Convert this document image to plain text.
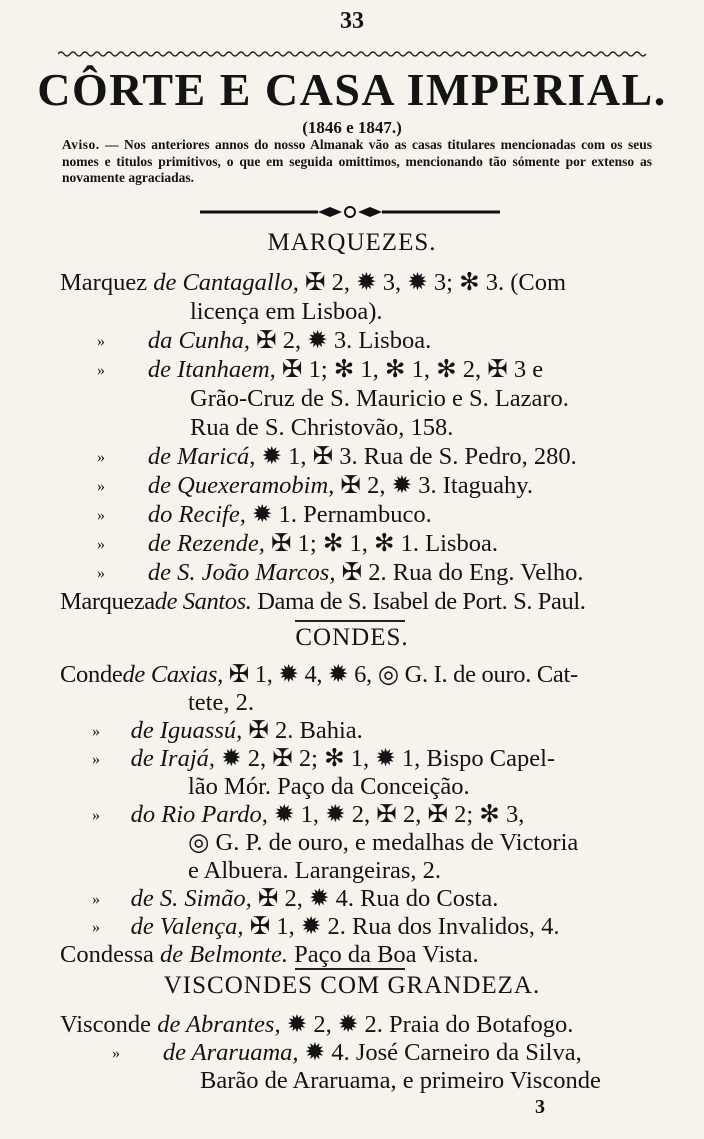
33
CÔRTE E CASA IMPERIAL.
(1846 e 1847.)
Aviso. — Nos anteriores annos do nosso Almanak vão as casas titulares mencionadas com os seus nomes e titulos primitivos, o que em seguida omittimos, mencionando tão sómente por extenso as novamente agraciadas.
MARQUEZES.
Marquez de Cantagallo, ✠ 2, ✹ 3, ✹ 3; ✻ 3. (Com
licença em Lisboa).
» da Cunha, ✠ 2, ✹ 3. Lisboa.
» de Itanhaem, ✠ 1; ✻ 1, ✻ 1, ✻ 2, ✠ 3 e
Grão-Cruz de S. Mauricio e S. Lazaro.
Rua de S. Christovão, 158.
» de Maricá, ✹ 1, ✠ 3. Rua de S. Pedro, 280.
» de Quexeramobim, ✠ 2, ✹ 3. Itaguahy.
» do Recife, ✹ 1. Pernambuco.
» de Rezende, ✠ 1; ✻ 1, ✻ 1. Lisboa.
» de S. João Marcos, ✠ 2. Rua do Eng. Velho.
Marquezade Santos. Dama de S. Isabel de Port. S. Paul.
CONDES.
Condede Caxias, ✠ 1, ✹ 4, ✹ 6, ◎ G. I. de ouro. Cat-
tete, 2.
» de Iguassú, ✠ 2. Bahia.
» de Irajá, ✹ 2, ✠ 2; ✻ 1, ✹ 1, Bispo Capel-
lão Mór. Paço da Conceição.
» do Rio Pardo, ✹ 1, ✹ 2, ✠ 2, ✠ 2; ✻ 3,
◎ G. P. de ouro, e medalhas de Victoria
e Albuera. Larangeiras, 2.
» de S. Simão, ✠ 2, ✹ 4. Rua do Costa.
» de Valença, ✠ 1, ✹ 2. Rua dos Invalidos, 4.
Condessa de Belmonte. Paço da Boa Vista.
VISCONDES COM GRANDEZA.
Visconde de Abrantes, ✹ 2, ✹ 2. Praia do Botafogo.
» de Araruama, ✹ 4. José Carneiro da Silva,
Barão de Araruama, e primeiro Visconde
3
